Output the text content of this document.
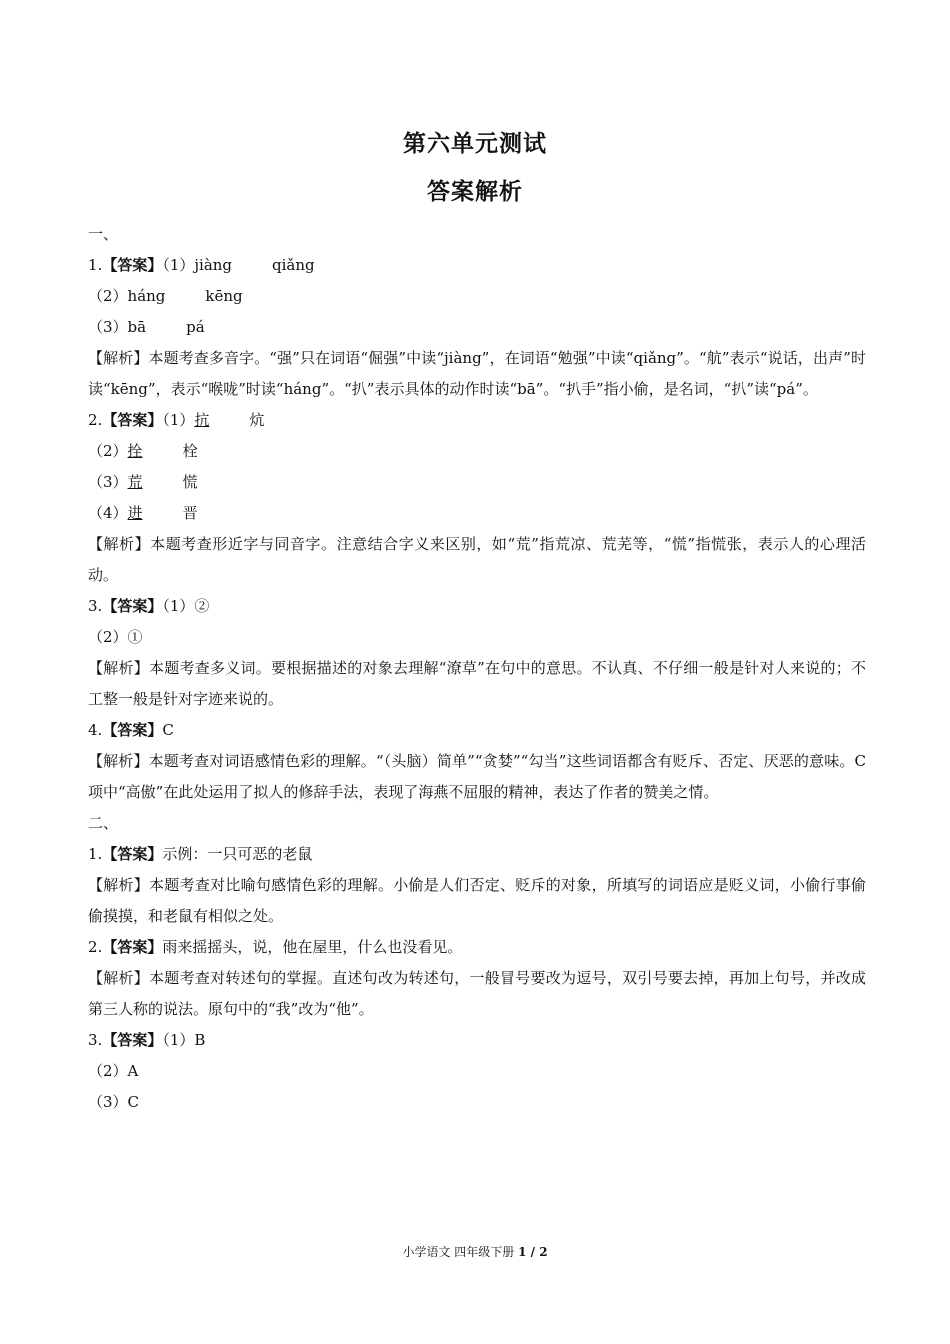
第六单元测试
答案解析
一、
1.【答案】（1）jiàng	qiǎng
（2）háng	kēng
（3）bā	pá
【解析】本题考查多音字。“强”只在词语“倔强”中读“jiàng”，在词语“勉强”中读“qiǎng”。“航”表示“说话，出声”时读“kēng”，表示“喉咙”时读“háng”。“扒”表示具体的动作时读“bā”。“扒手”指小偷，是名词，“扒”读“pá”。
2.【答案】（1）抗	炕
（2）拴	栓
（3）荒	慌
（4）进	晋
【解析】本题考查形近字与同音字。注意结合字义来区别，如“荒”指荒凉、荒芜等，“慌”指慌张，表示人的心理活动。
3.【答案】（1）②
（2）①
【解析】本题考查多义词。要根据描述的对象去理解“潦草”在句中的意思。不认真、不仔细一般是针对人来说的；不工整一般是针对字迹来说的。
4.【答案】C
【解析】本题考查对词语感情色彩的理解。“（头脑）简单”“贪婪”“勾当”这些词语都含有贬斥、否定、厌恶的意味。C项中“高傲”在此处运用了拟人的修辞手法，表现了海燕不屈服的精神，表达了作者的赞美之情。
二、
1.【答案】示例：一只可恶的老鼠
【解析】本题考查对比喻句感情色彩的理解。小偷是人们否定、贬斥的对象，所填写的词语应是贬义词，小偷行事偷偷摸摸，和老鼠有相似之处。
2.【答案】雨来摇摇头，说，他在屋里，什么也没看见。
【解析】本题考查对转述句的掌握。直述句改为转述句，一般冒号要改为逗号，双引号要去掉，再加上句号，并改成第三人称的说法。原句中的“我”改为“他”。
3.【答案】（1）B
（2）A
（3）C
小学语文 四年级下册 1 / 2
